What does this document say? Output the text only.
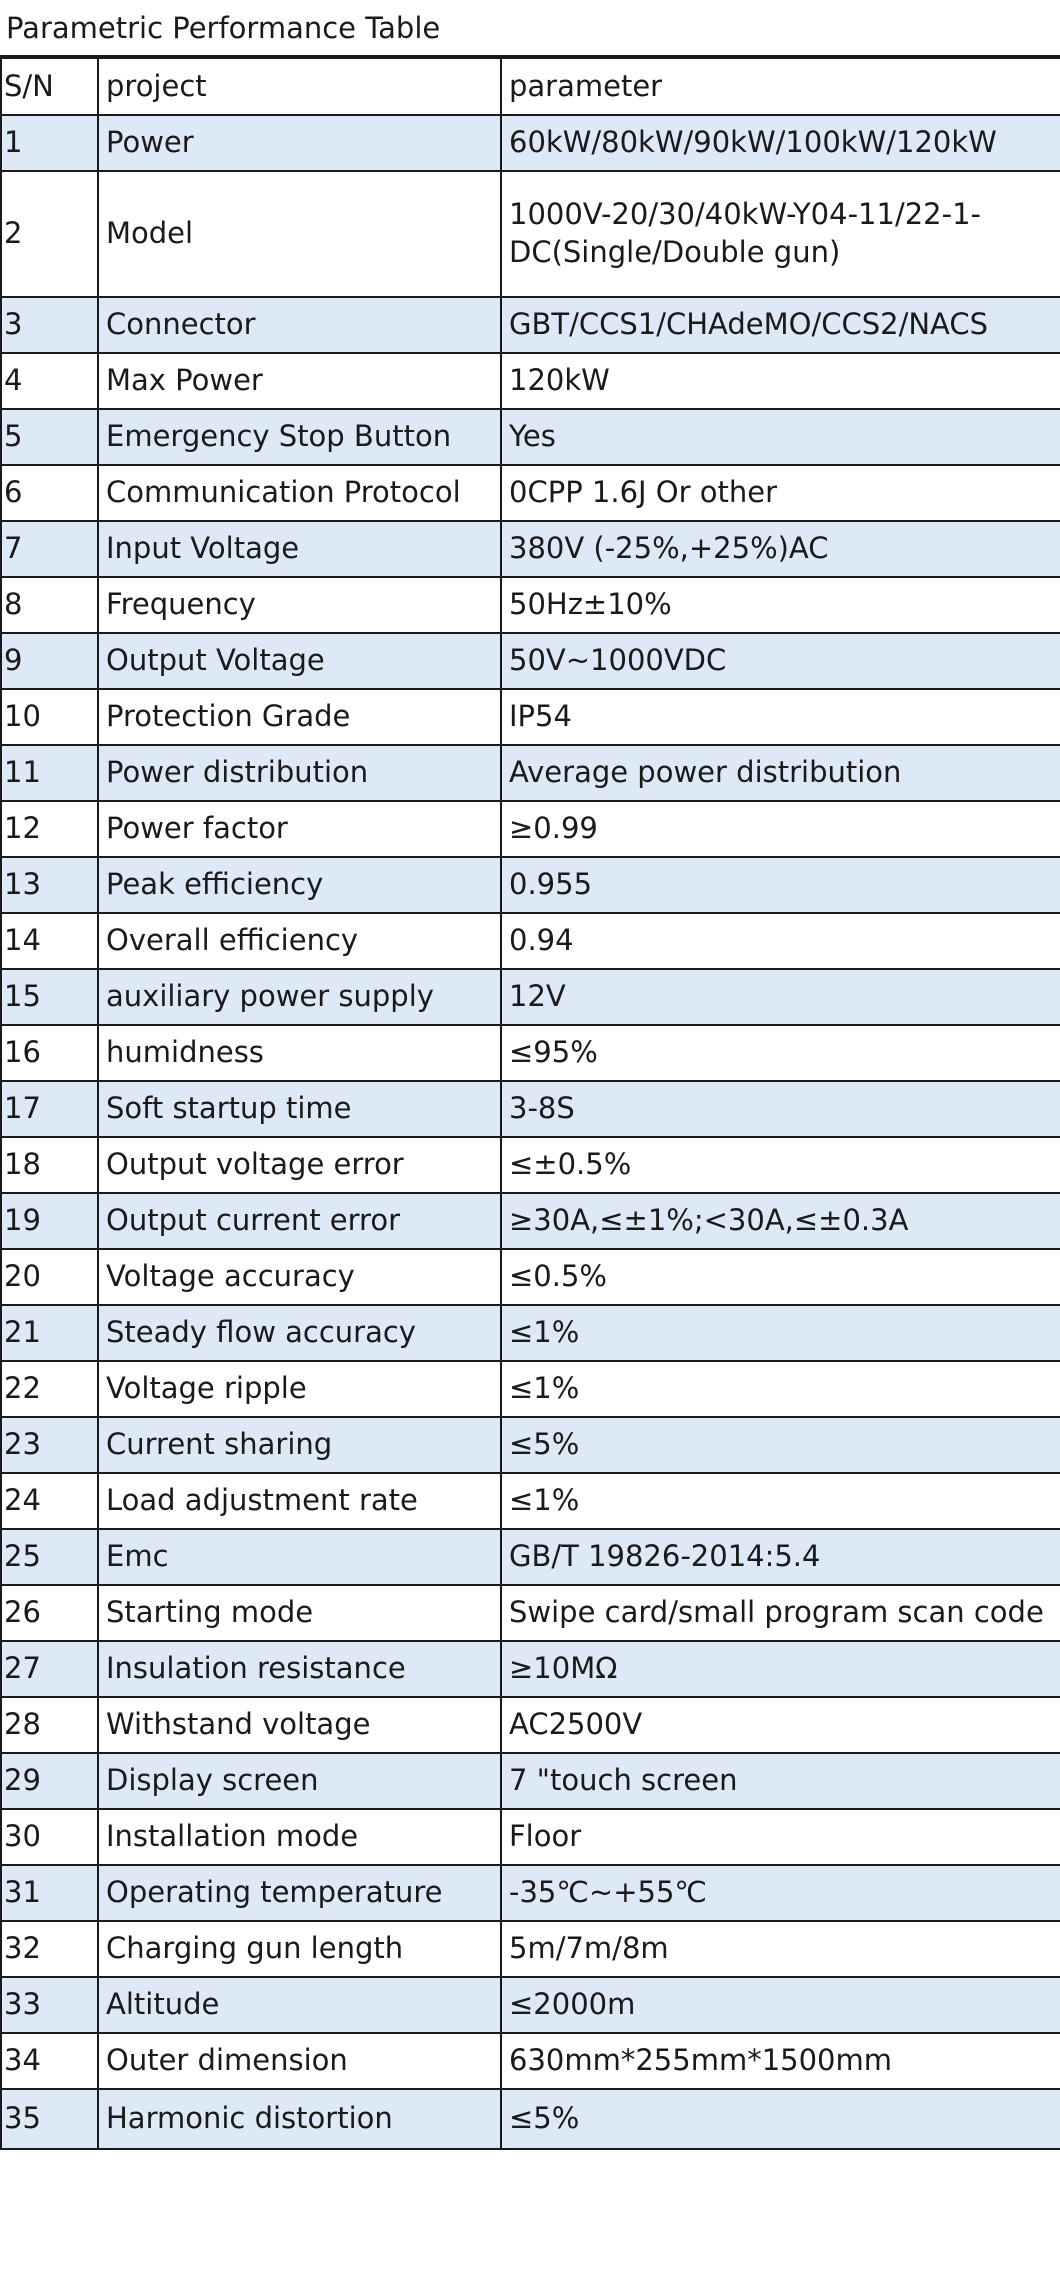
Parametric Performance Table
S/N	project	parameter
1	Power	60kW/80kW/90kW/100kW/120kW
2	Model	1000V-20/30/40kW-Y04-11/22-1-DC(Single/Double gun)
3	Connector	GBT/CCS1/CHAdeMO/CCS2/NACS
4	Max Power	120kW
5	Emergency Stop Button	Yes
6	Communication Protocol	0CPP 1.6J Or other
7	Input Voltage	380V (-25%,+25%)AC
8	Frequency	50Hz±10%
9	Output Voltage	50V~1000VDC
10	Protection Grade	IP54
11	Power distribution	Average power distribution
12	Power factor	≥0.99
13	Peak efficiency	0.955
14	Overall efficiency	0.94
15	auxiliary power supply	12V
16	humidness	≤95%
17	Soft startup time	3-8S
18	Output voltage error	≤±0.5%
19	Output current error	≥30A,≤±1%;<30A,≤±0.3A
20	Voltage accuracy	≤0.5%
21	Steady flow accuracy	≤1%
22	Voltage ripple	≤1%
23	Current sharing	≤5%
24	Load adjustment rate	≤1%
25	Emc	GB/T 19826-2014:5.4
26	Starting mode	Swipe card/small program scan code
27	Insulation resistance	≥10MΩ
28	Withstand voltage	AC2500V
29	Display screen	7 "touch screen
30	Installation mode	Floor
31	Operating temperature	-35℃~+55℃
32	Charging gun length	5m/7m/8m
33	Altitude	≤2000m
34	Outer dimension	630mm*255mm*1500mm
35	Harmonic distortion	≤5%
